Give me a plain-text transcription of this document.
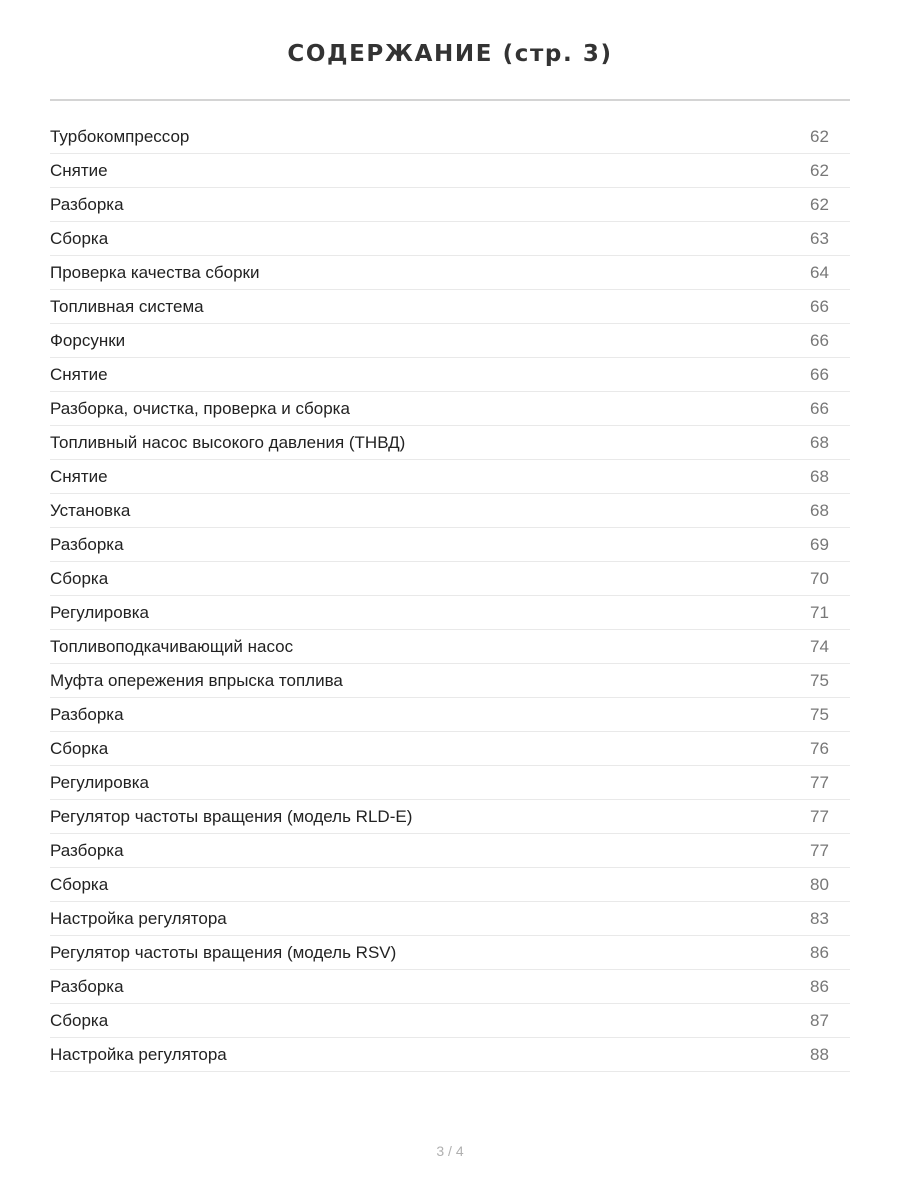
СОДЕРЖАНИЕ (стр. 3)
Турбокомпрессор	62
Снятие	62
Разборка	62
Сборка	63
Проверка качества сборки	64
Топливная система	66
Форсунки	66
Снятие	66
Разборка, очистка, проверка и сборка	66
Топливный насос высокого давления (ТНВД)	68
Снятие	68
Установка	68
Разборка	69
Сборка	70
Регулировка	71
Топливоподкачивающий насос	74
Муфта опережения впрыска топлива	75
Разборка	75
Сборка	76
Регулировка	77
Регулятор частоты вращения (модель RLD-E)	77
Разборка	77
Сборка	80
Настройка регулятора	83
Регулятор частоты вращения (модель RSV)	86
Разборка	86
Сборка	87
Настройка регулятора	88
3 / 4
